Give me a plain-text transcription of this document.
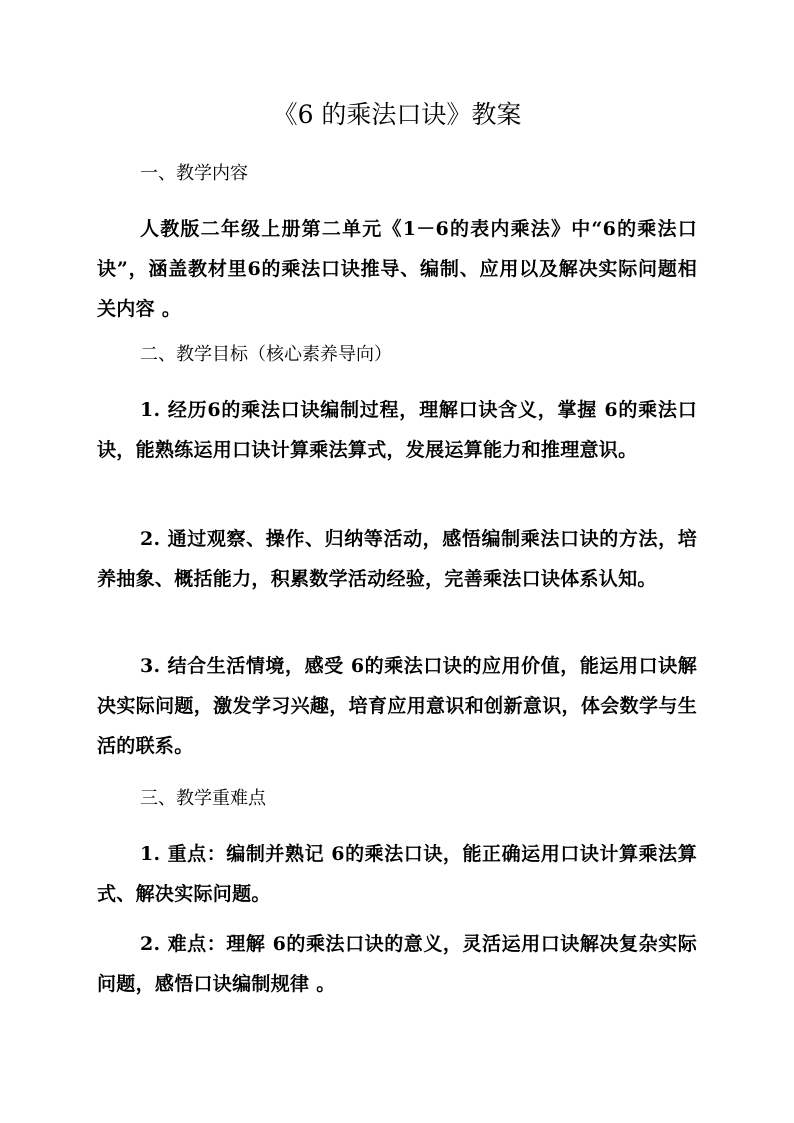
《6 的乘法口诀》教案
一、教学内容

人教版二年级上册第二单元《1－6的表内乘法》中“6的乘法口诀”，涵盖教材里6的乘法口诀推导、编制、应用以及解决实际问题相关内容 。

二、教学目标（核心素养导向）

1. 经历6的乘法口诀编制过程，理解口诀含义，掌握 6的乘法口诀，能熟练运用口诀计算乘法算式，发展运算能力和推理意识。

2. 通过观察、操作、归纳等活动，感悟编制乘法口诀的方法，培养抽象、概括能力，积累数学活动经验，完善乘法口诀体系认知。

3. 结合生活情境，感受 6的乘法口诀的应用价值，能运用口诀解决实际问题，激发学习兴趣，培育应用意识和创新意识，体会数学与生活的联系。

三、教学重难点

1. 重点：编制并熟记 6的乘法口诀，能正确运用口诀计算乘法算式、解决实际问题。

2. 难点：理解 6的乘法口诀的意义，灵活运用口诀解决复杂实际问题，感悟口诀编制规律 。
